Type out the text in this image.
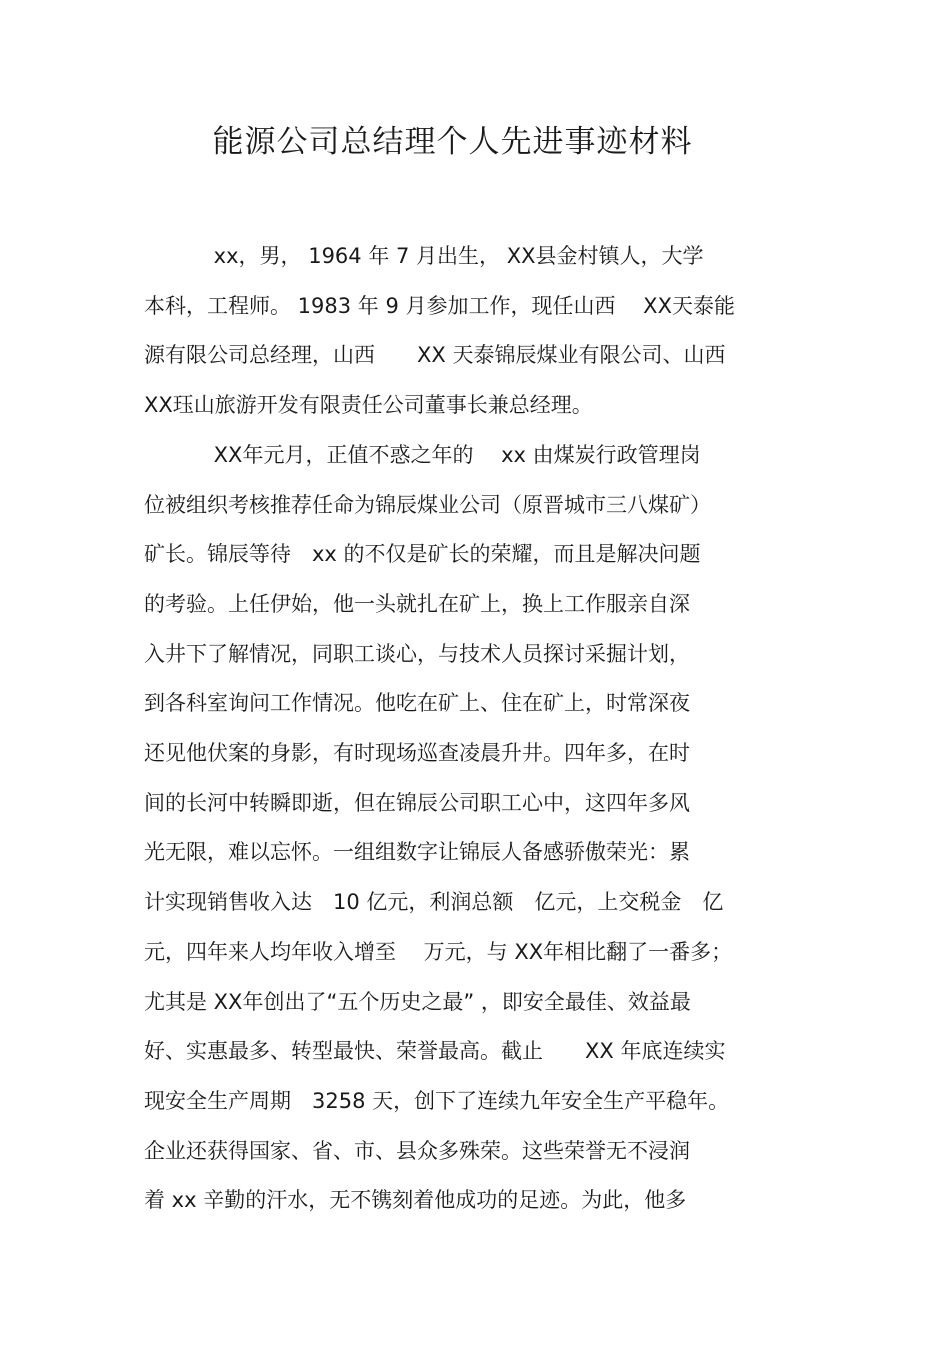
能源公司总结理个人先进事迹材料
　　　 xx，男， 1964 年 7 月出生， XX县金村镇人，大学
本科，工程师。 1983 年 9 月参加工作，现任山西　 XX天泰能
源有限公司总经理，山西　　XX 天泰锦辰煤业有限公司、山西
XX珏山旅游开发有限责任公司董事长兼总经理。
　　　 XX年元月，正值不惑之年的　 xx 由煤炭行政管理岗
位被组织考核推荐任命为锦辰煤业公司（原晋城市三八煤矿）
矿长。锦辰等待　xx 的不仅是矿长的荣耀，而且是解决问题
的考验。上任伊始，他一头就扎在矿上，换上工作服亲自深
入井下了解情况，同职工谈心，与技术人员探讨采掘计划，
到各科室询问工作情况。他吃在矿上、住在矿上，时常深夜
还见他伏案的身影，有时现场巡查凌晨升井。四年多，在时
间的长河中转瞬即逝，但在锦辰公司职工心中，这四年多风
光无限，难以忘怀。一组组数字让锦辰人备感骄傲荣光：累
计实现销售收入达　10 亿元，利润总额　亿元，上交税金　亿
元，四年来人均年收入增至　 万元，与 XX年相比翻了一番多；
尤其是 XX年创出了“五个历史之最” ，即安全最佳、效益最
好、实惠最多、转型最快、荣誉最高。截止　　XX 年底连续实
现安全生产周期　3258 天，创下了连续九年安全生产平稳年。
企业还获得国家、省、市、县众多殊荣。这些荣誉无不浸润
着 xx 辛勤的汗水，无不镌刻着他成功的足迹。为此，他多
